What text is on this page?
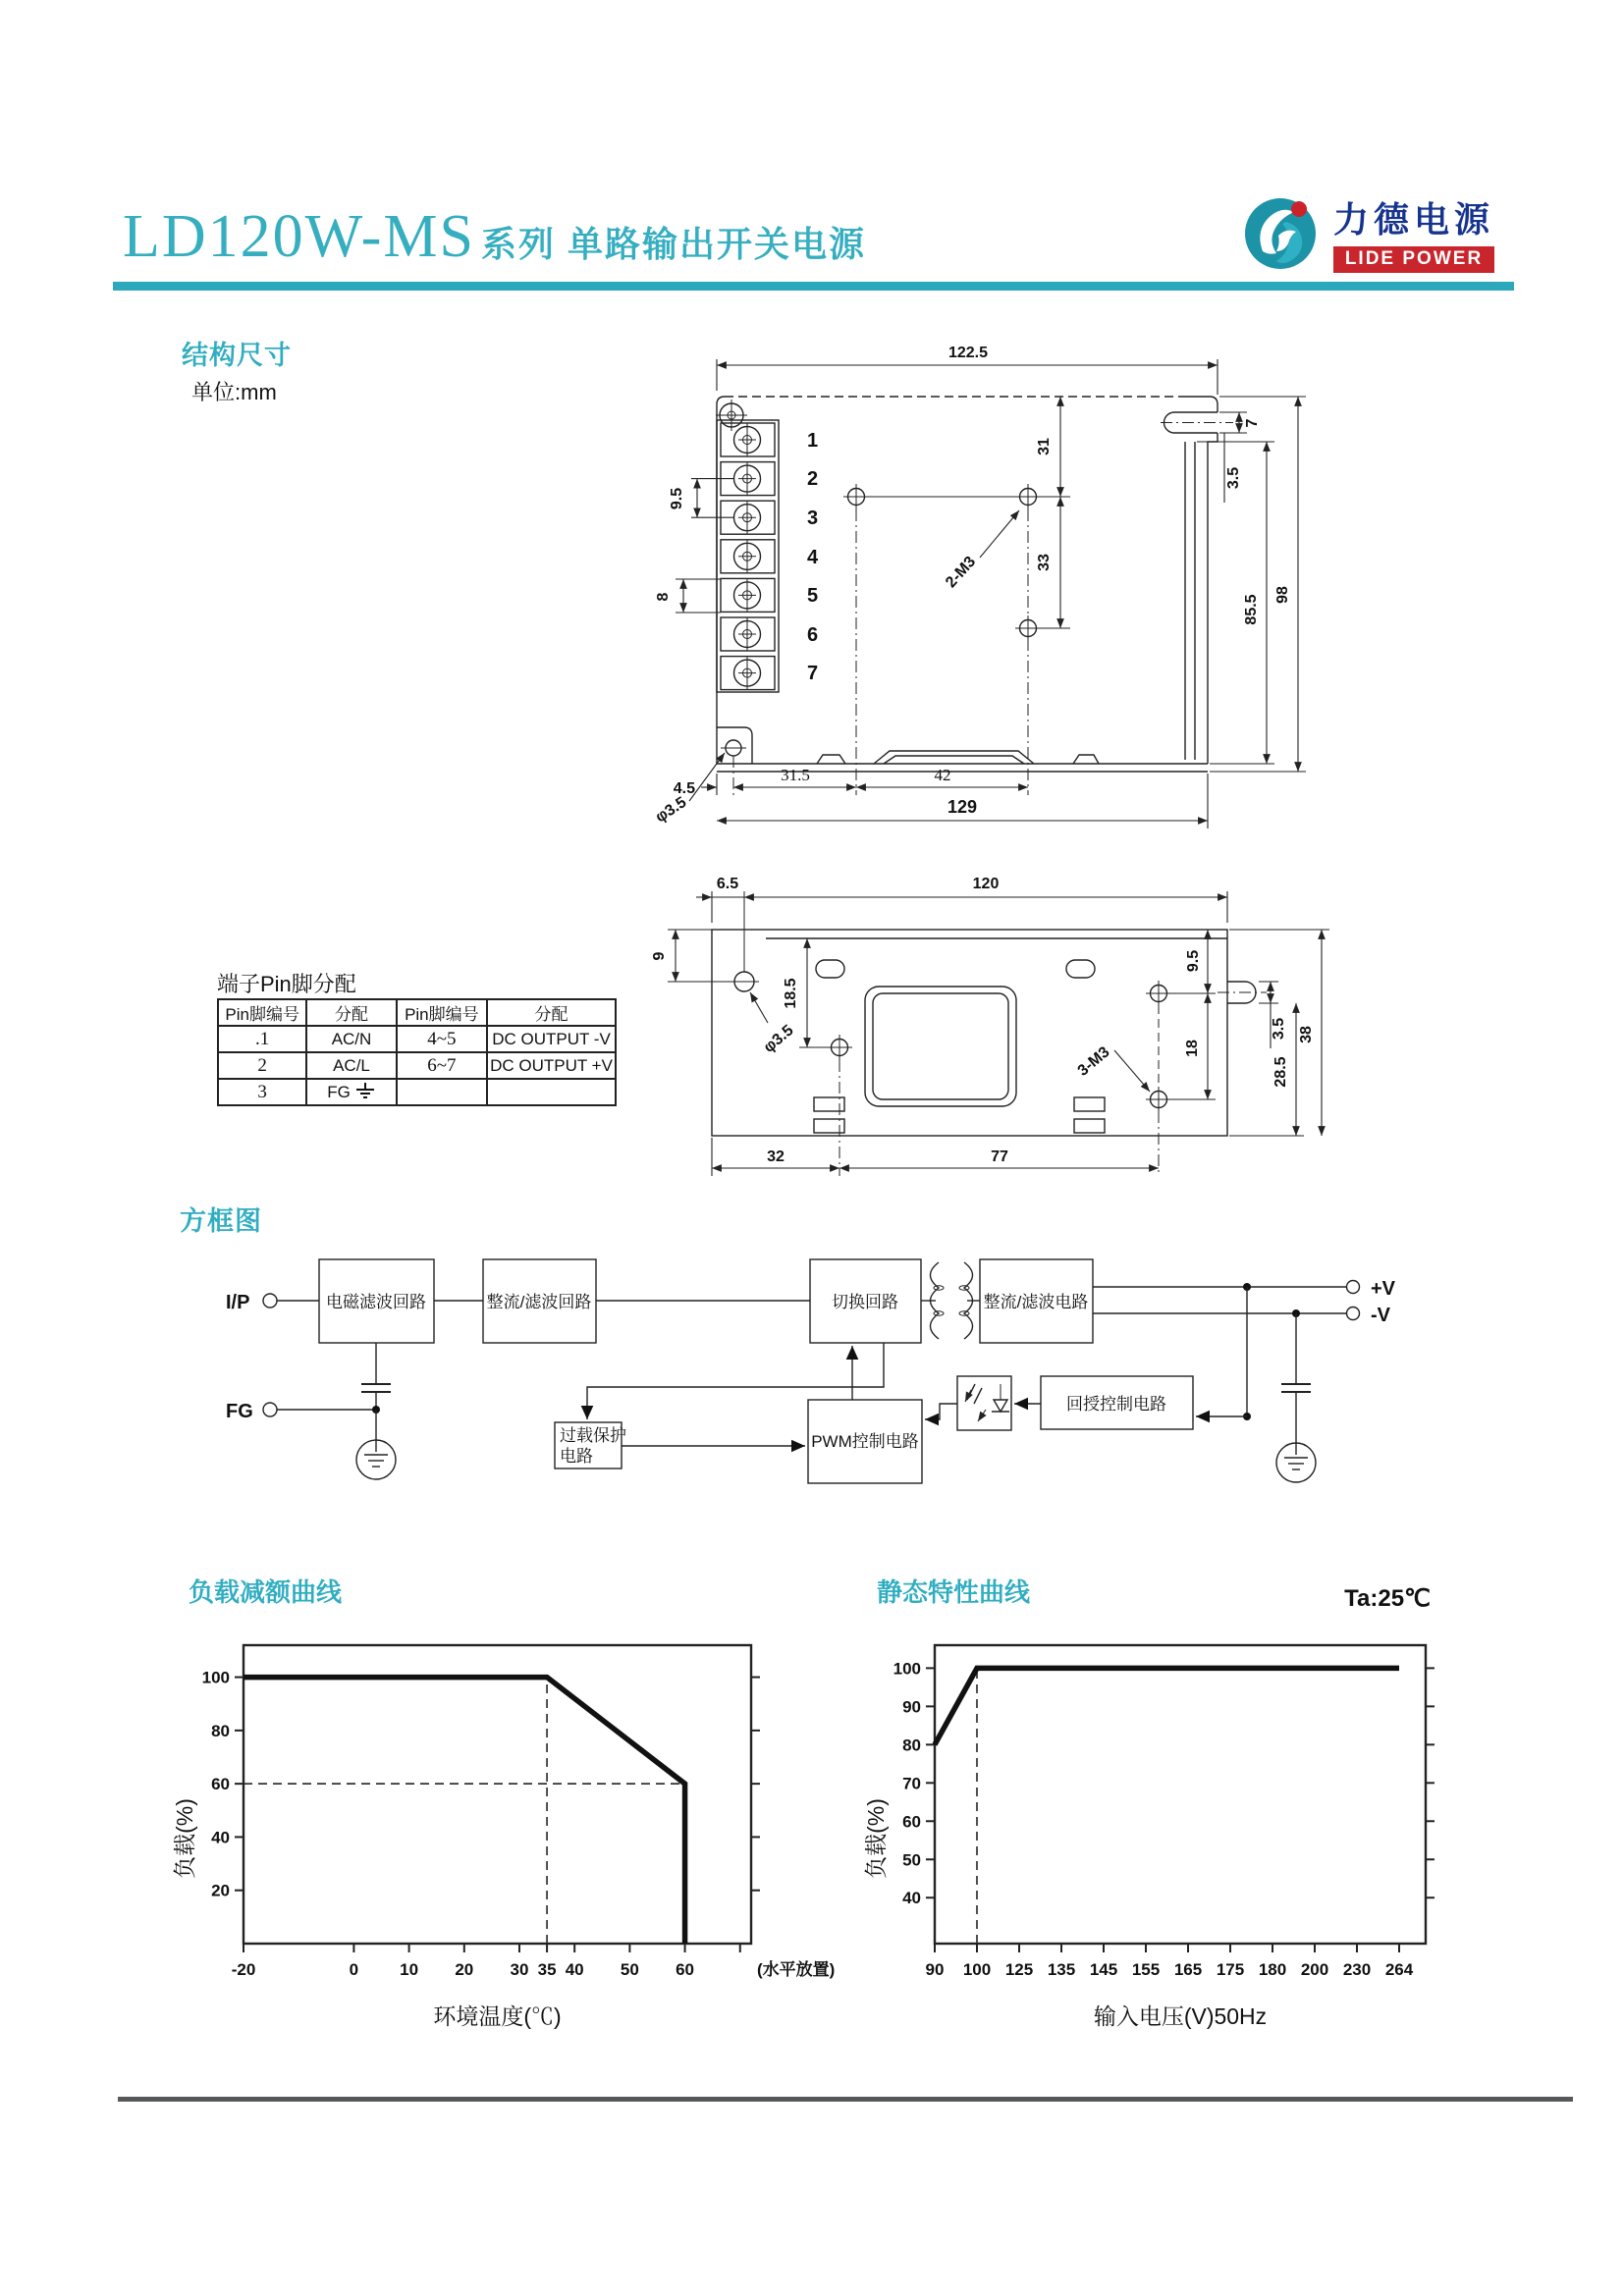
LD120W-MS 系列 单路输出开关电源
力德电源
LIDE POWER
结构尺寸
单位:mm
122.5
1
2
3
4
5
6
7
9.5
8
2-M3
31
33
7
3.5
85.5 98
φ3.5
4.5
31.5	42
129
6.5	120
9
φ3.5
18.5
3-M3
9.5
18
3.5
28.5
38
32	77
端子Pin脚分配
Pin脚编号	分配	Pin脚编号	分配
.1	AC/N	4~5	DC OUTPUT -V
2	AC/L	6~7	DC OUTPUT +V
3	FG		
方框图
I/P
FG
电磁滤波回路	整流/滤波回路	切换回路	整流/滤波电路
+V
-V
回授控制电路
PWM控制电路
过载保护
电路
负载减额曲线
20
40
60
80
100
-20	0 10 20 30 35 40 50 60
环境温度(℃)
负载(%)
(水平放置)
静态特性曲线	Ta:25℃
40
50
60
70
80
90
100
90 100 125 135 145 155 165 175 180 200 230 264
输入电压(V)50Hz
负载(%)
